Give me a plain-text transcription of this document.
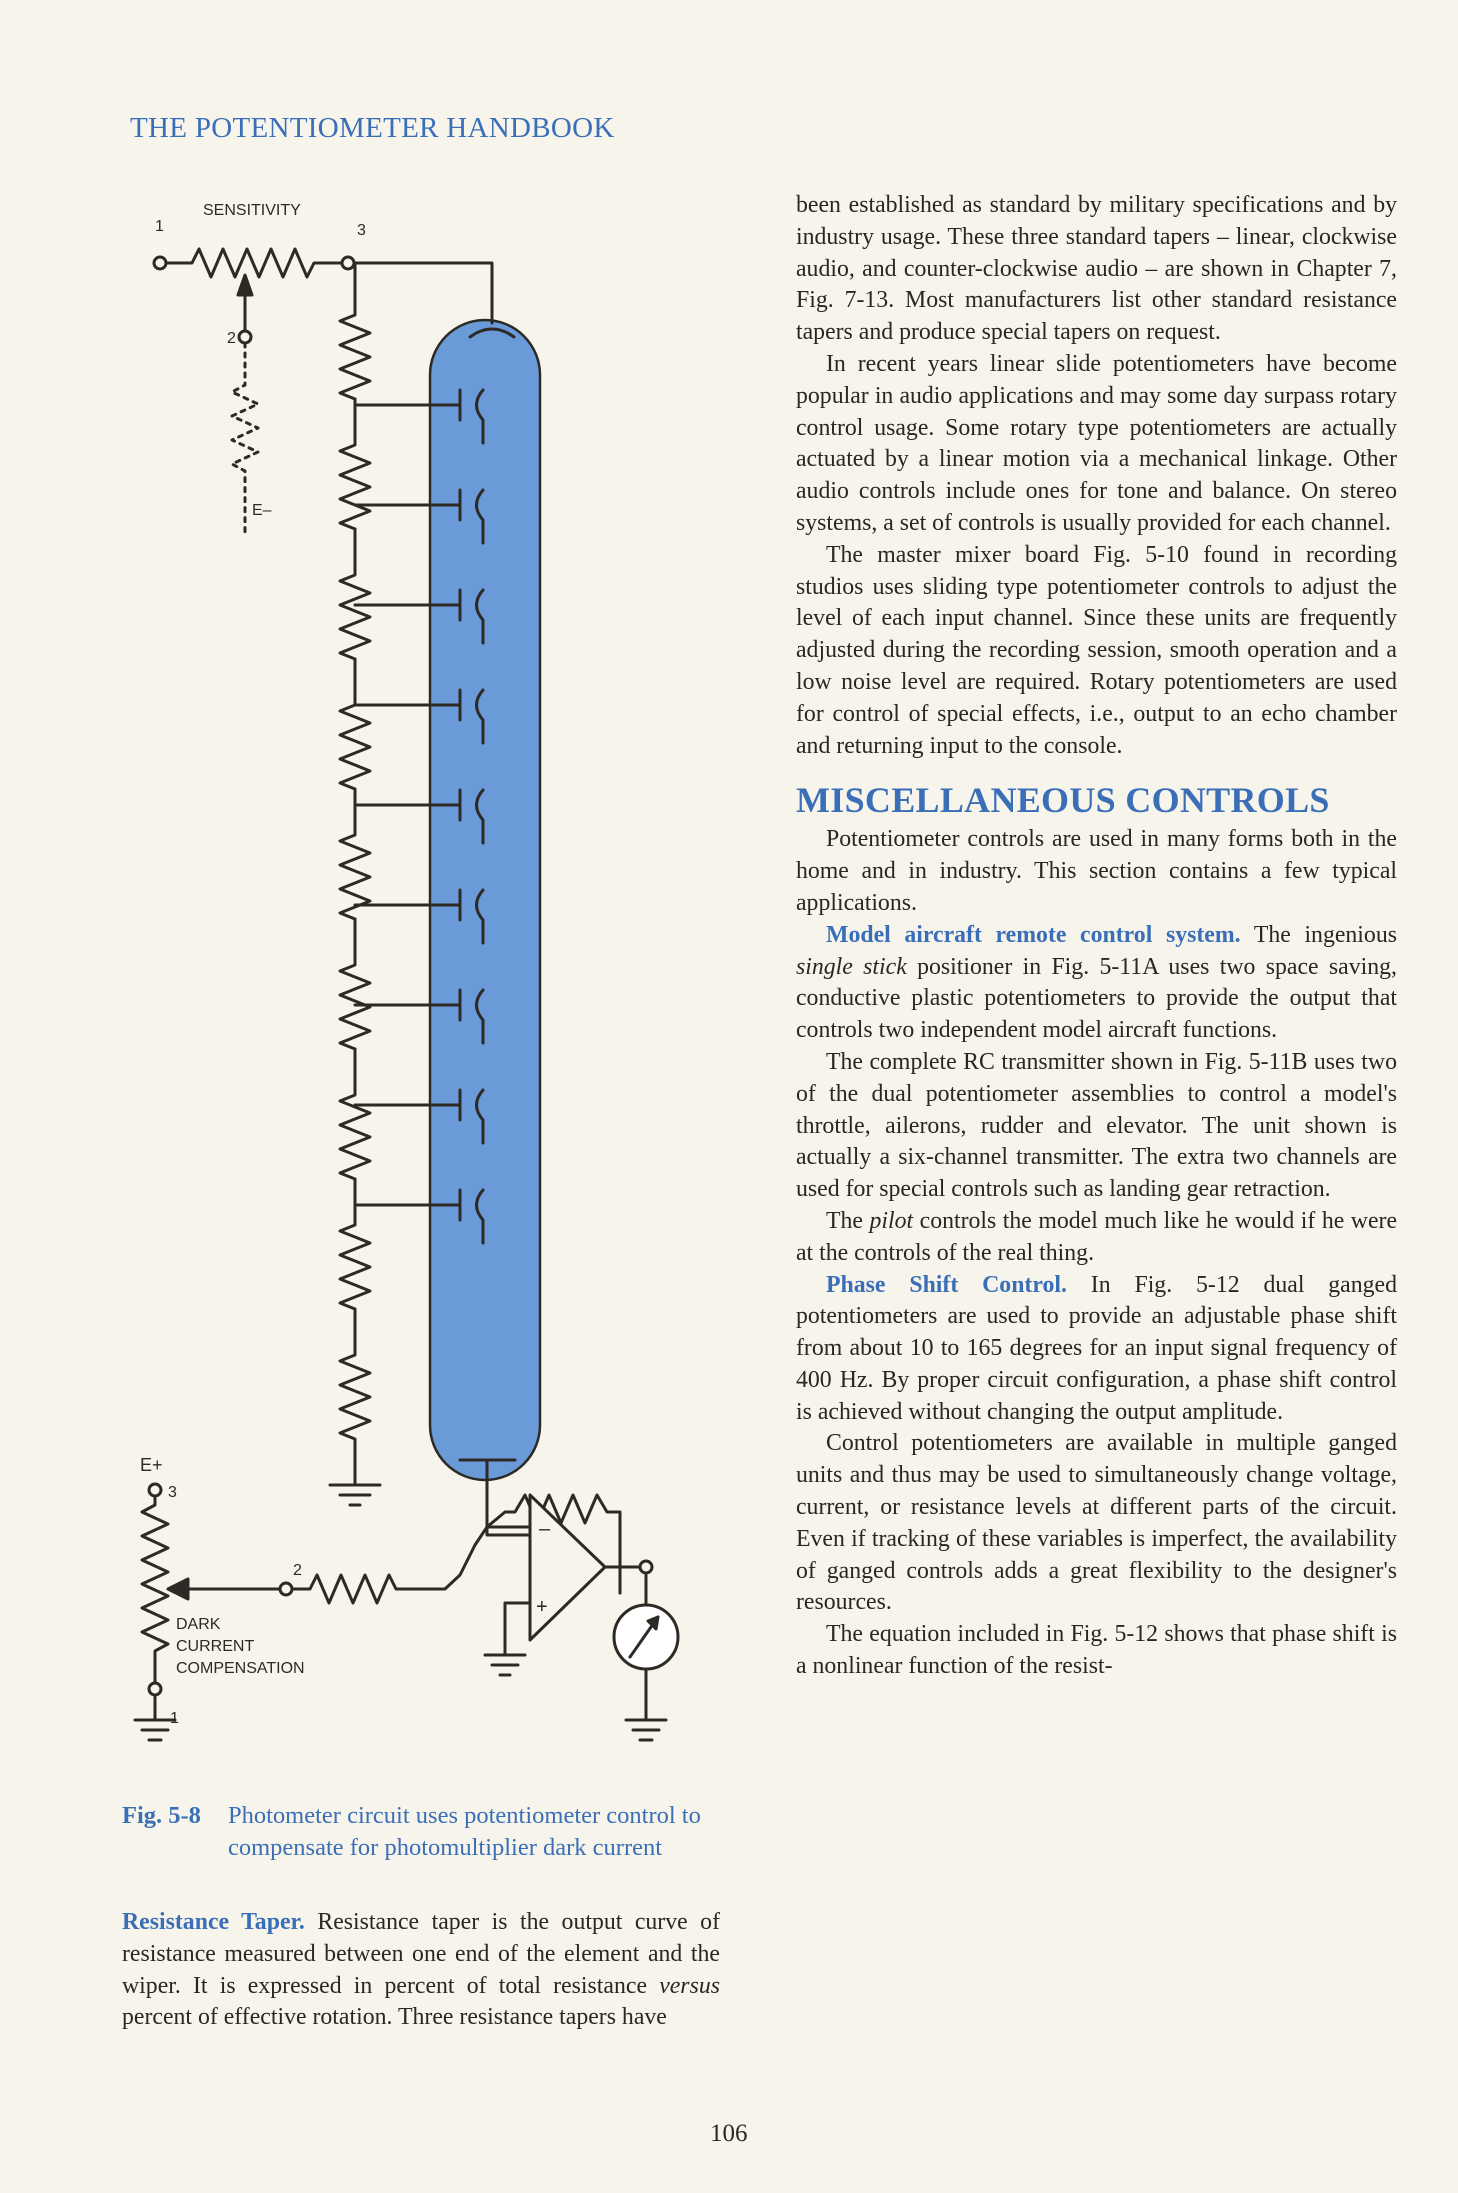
THE POTENTIOMETER HANDBOOK
SENSITIVITY
1	3
2
E–
E+
3
2
1
DARK
CURRENT
COMPENSATION
–
+
Fig. 5-8 Photometer circuit uses potentiometer control to compensate for photomultiplier dark current

Resistance Taper. Resistance taper is the output curve of resistance measured between one end of the element and the wiper. It is expressed in percent of total resistance versus percent of effective rotation. Three resistance tapers have

been established as standard by military specifications and by industry usage. These three standard tapers – linear, clockwise audio, and counter-clockwise audio – are shown in Chapter 7, Fig. 7-13. Most manufacturers list other standard resistance tapers and produce special tapers on request.

In recent years linear slide potentiometers have become popular in audio applications and may some day surpass rotary control usage. Some rotary type potentiometers are actually actuated by a linear motion via a mechanical linkage. Other audio controls include ones for tone and balance. On stereo systems, a set of controls is usually provided for each channel.

The master mixer board Fig. 5-10 found in recording studios uses sliding type potentiometer controls to adjust the level of each input channel. Since these units are frequently adjusted during the recording session, smooth operation and a low noise level are required. Rotary potentiometers are used for control of special effects, i.e., output to an echo chamber and returning input to the console.

MISCELLANEOUS CONTROLS

Potentiometer controls are used in many forms both in the home and in industry. This section contains a few typical applications.

Model aircraft remote control system. The ingenious single stick positioner in Fig. 5-11A uses two space saving, conductive plastic potentiometers to provide the output that controls two independent model aircraft functions.

The complete RC transmitter shown in Fig. 5-11B uses two of the dual potentiometer assemblies to control a model's throttle, ailerons, rudder and elevator. The unit shown is actually a six-channel transmitter. The extra two channels are used for special controls such as landing gear retraction.

The pilot controls the model much like he would if he were at the controls of the real thing.

Phase Shift Control. In Fig. 5-12 dual ganged potentiometers are used to provide an adjustable phase shift from about 10 to 165 degrees for an input signal frequency of 400 Hz. By proper circuit configuration, a phase shift control is achieved without changing the output amplitude.

Control potentiometers are available in multiple ganged units and thus may be used to simultaneously change voltage, current, or resistance levels at different parts of the circuit. Even if tracking of these variables is imperfect, the availability of ganged controls adds a great flexibility to the designer's resources.

The equation included in Fig. 5-12 shows that phase shift is a nonlinear function of the resist-

106
